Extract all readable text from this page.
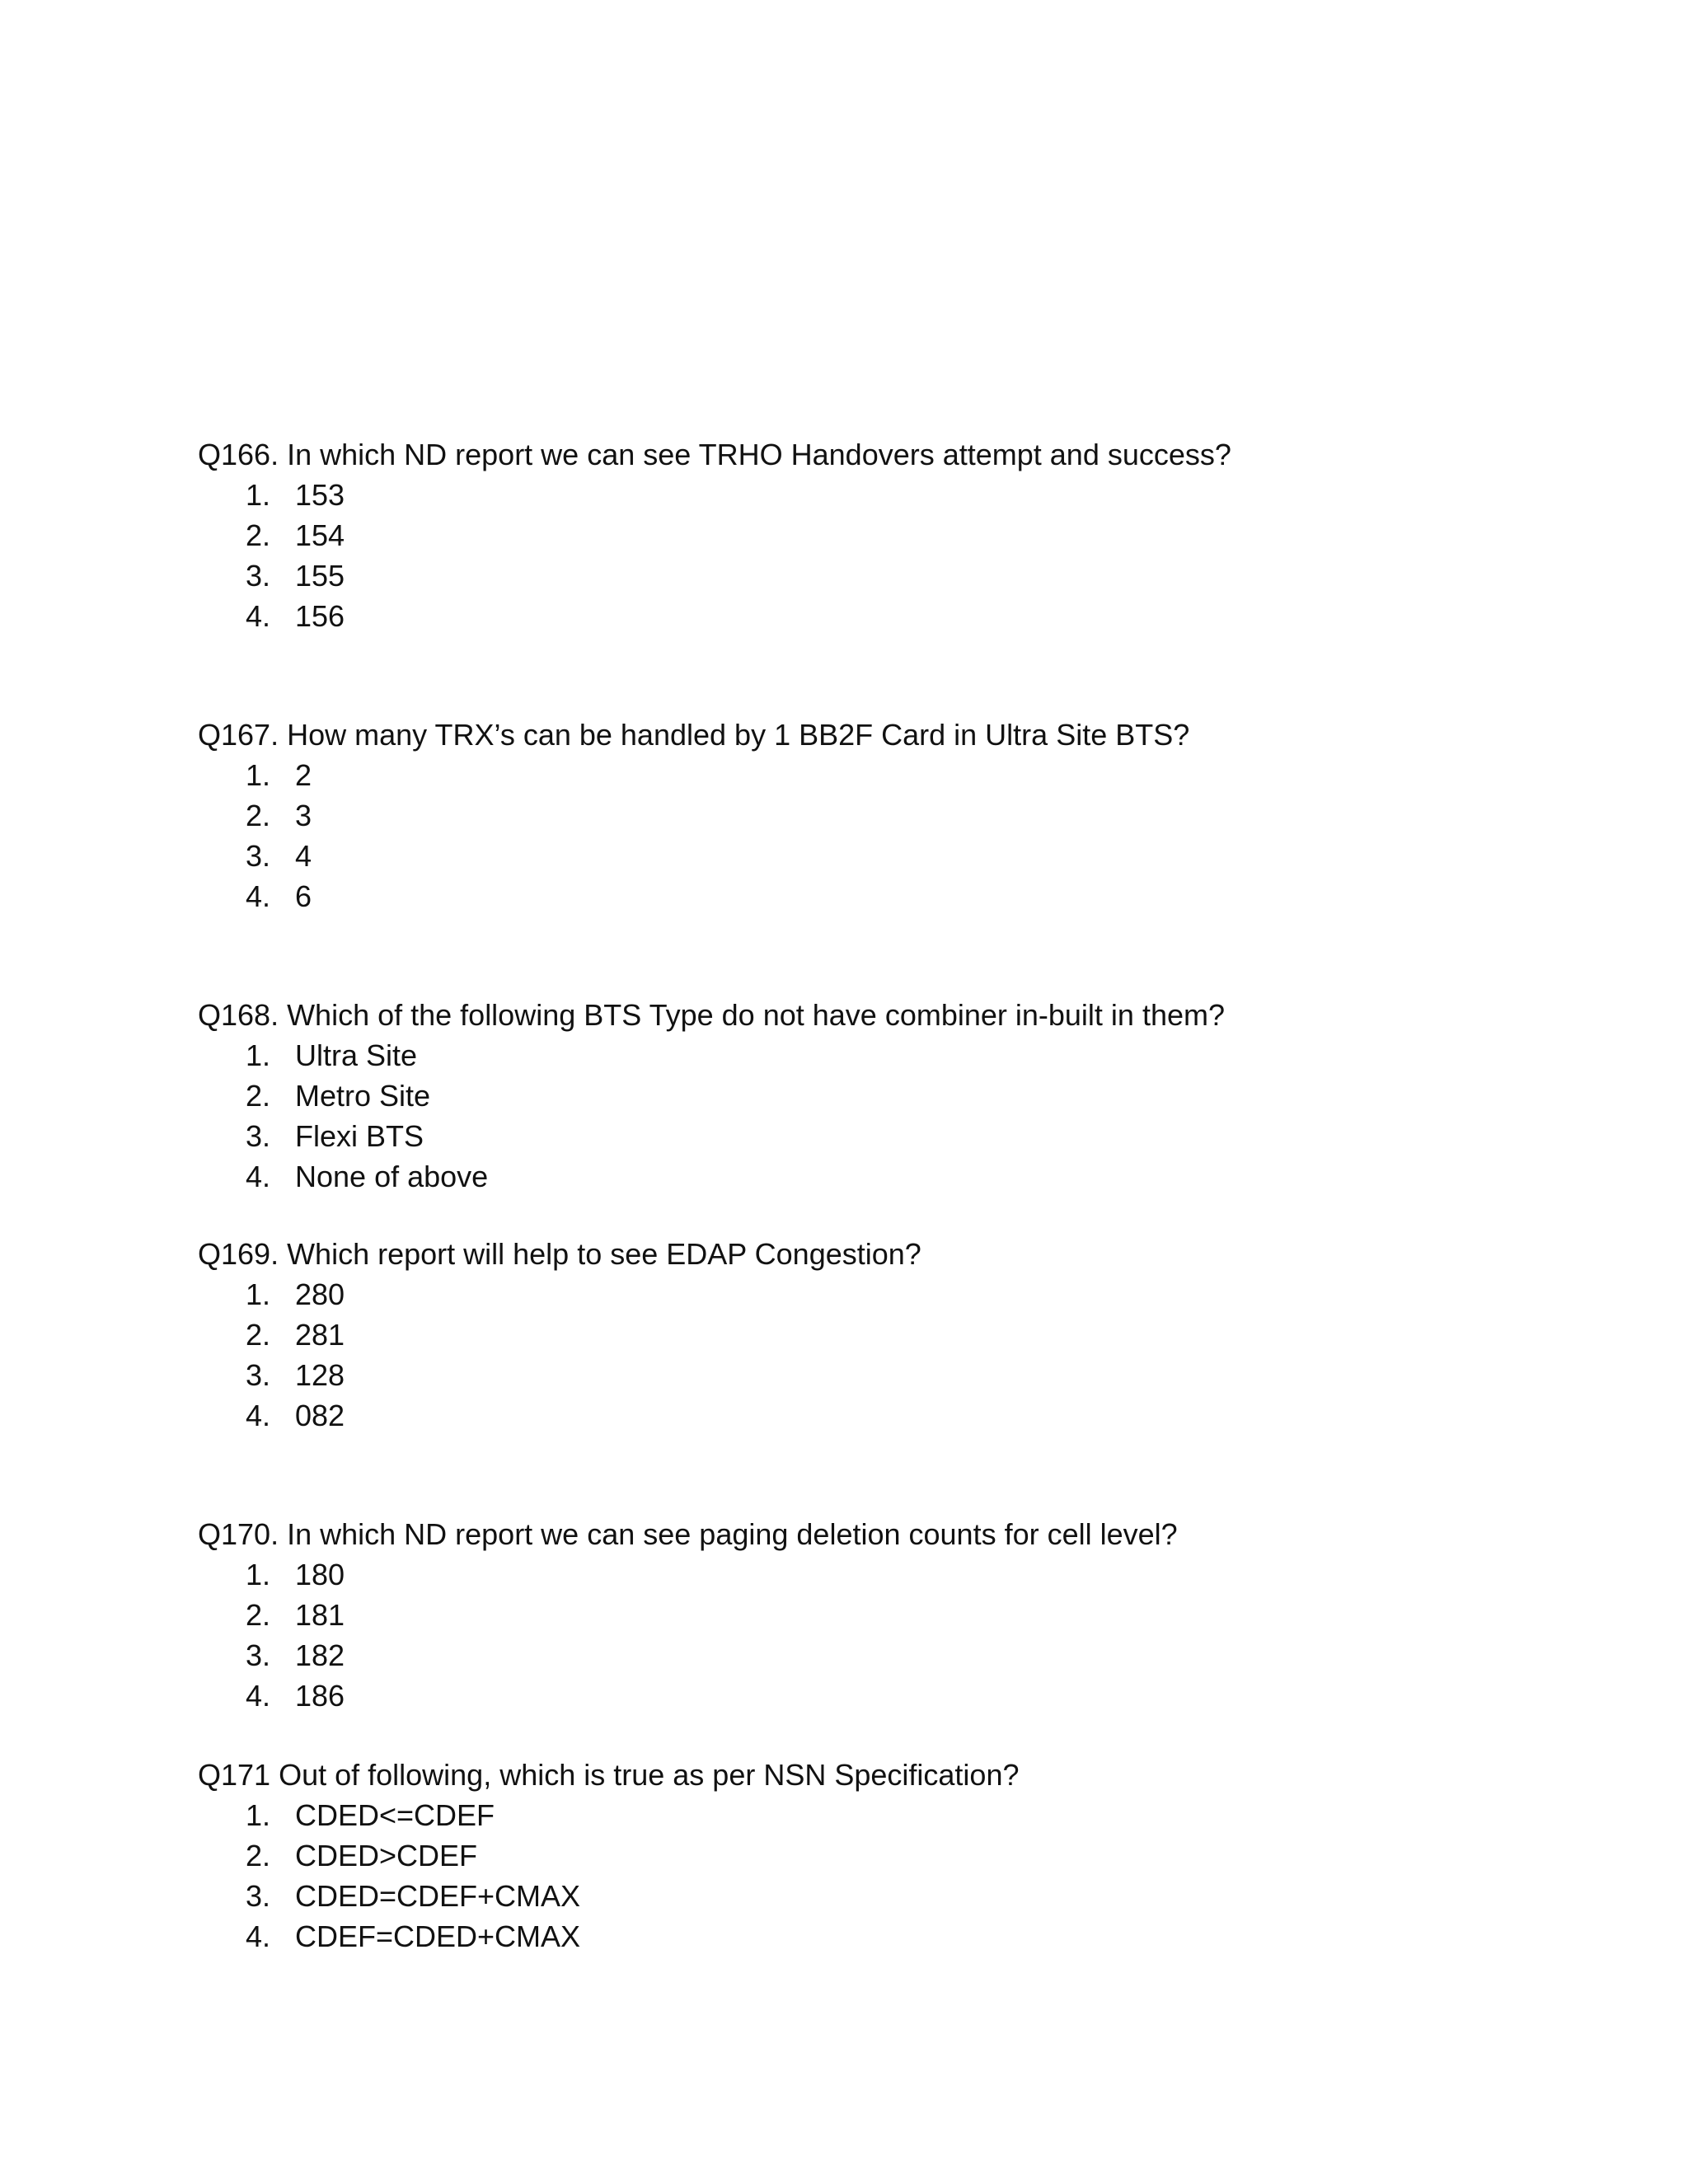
Q166. In which ND report we can see TRHO Handovers attempt and success?
1. 153
2. 154
3. 155
4. 156
Q167. How many TRX’s can be handled by 1 BB2F Card in Ultra Site BTS?
1. 2
2. 3
3. 4
4. 6
Q168. Which of the following BTS Type do not have combiner in-built in them?
1. Ultra Site
2. Metro Site
3. Flexi BTS
4. None of above
Q169. Which report will help to see EDAP Congestion?
1. 280
2. 281
3. 128
4. 082
Q170. In which ND report we can see paging deletion counts for cell level?
1. 180
2. 181
3. 182
4. 186
Q171 Out of following, which is true as per NSN Specification?
1. CDED<=CDEF
2. CDED>CDEF
3. CDED=CDEF+CMAX
4. CDEF=CDED+CMAX
